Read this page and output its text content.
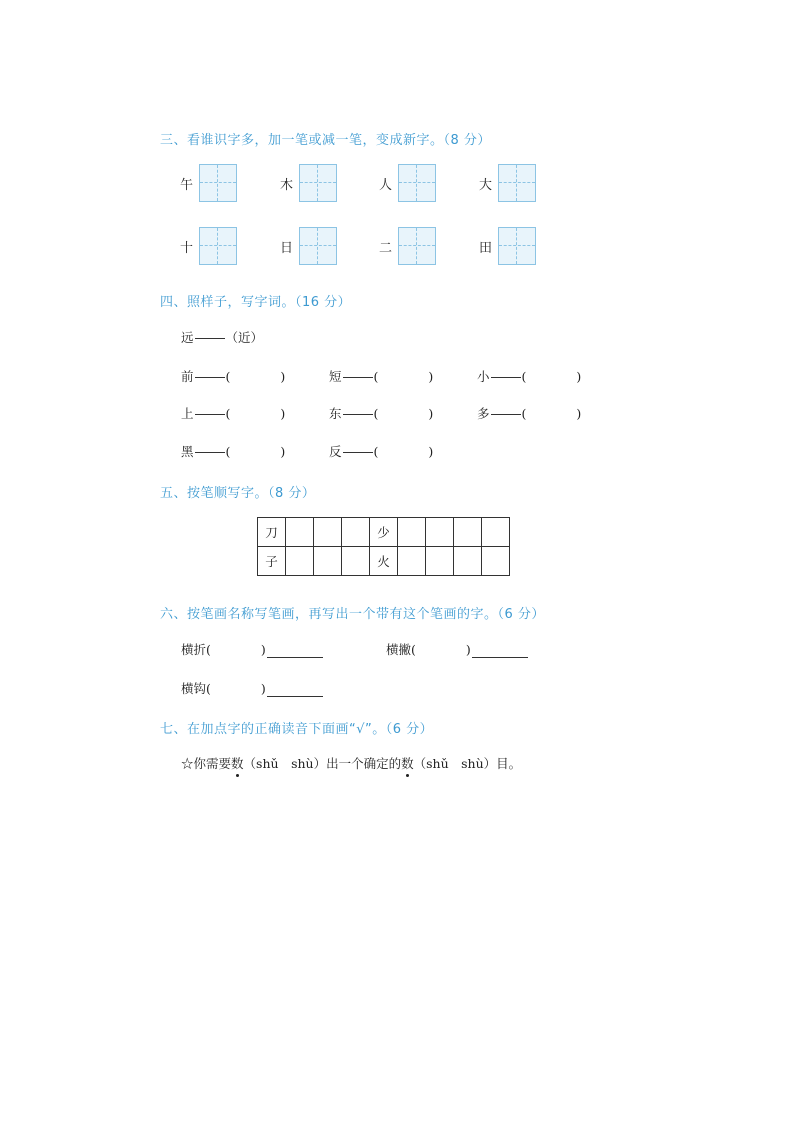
三、看谁识字多，加一笔或减一笔，变成新字。（8 分）
午	木	人	大
十	日	二	田
四、照样子，写字词。（16 分）
远	（近）
前	(	)	短	(	)	小	(	)
上	(	)	东	(	)	多	(	)
黑	(	)	反	(	)
五、按笔顺写字。（8 分）
刀				少				
子				火				
六、按笔画名称写笔画，再写出一个带有这个笔画的字。（6 分）
横折(	)	横撇(	)
横钩(	)
七、在加点字的正确读音下面画“√”。（6 分）
☆你需要数（shǔ　shù）出一个确定的数（shǔ　shù）目。
